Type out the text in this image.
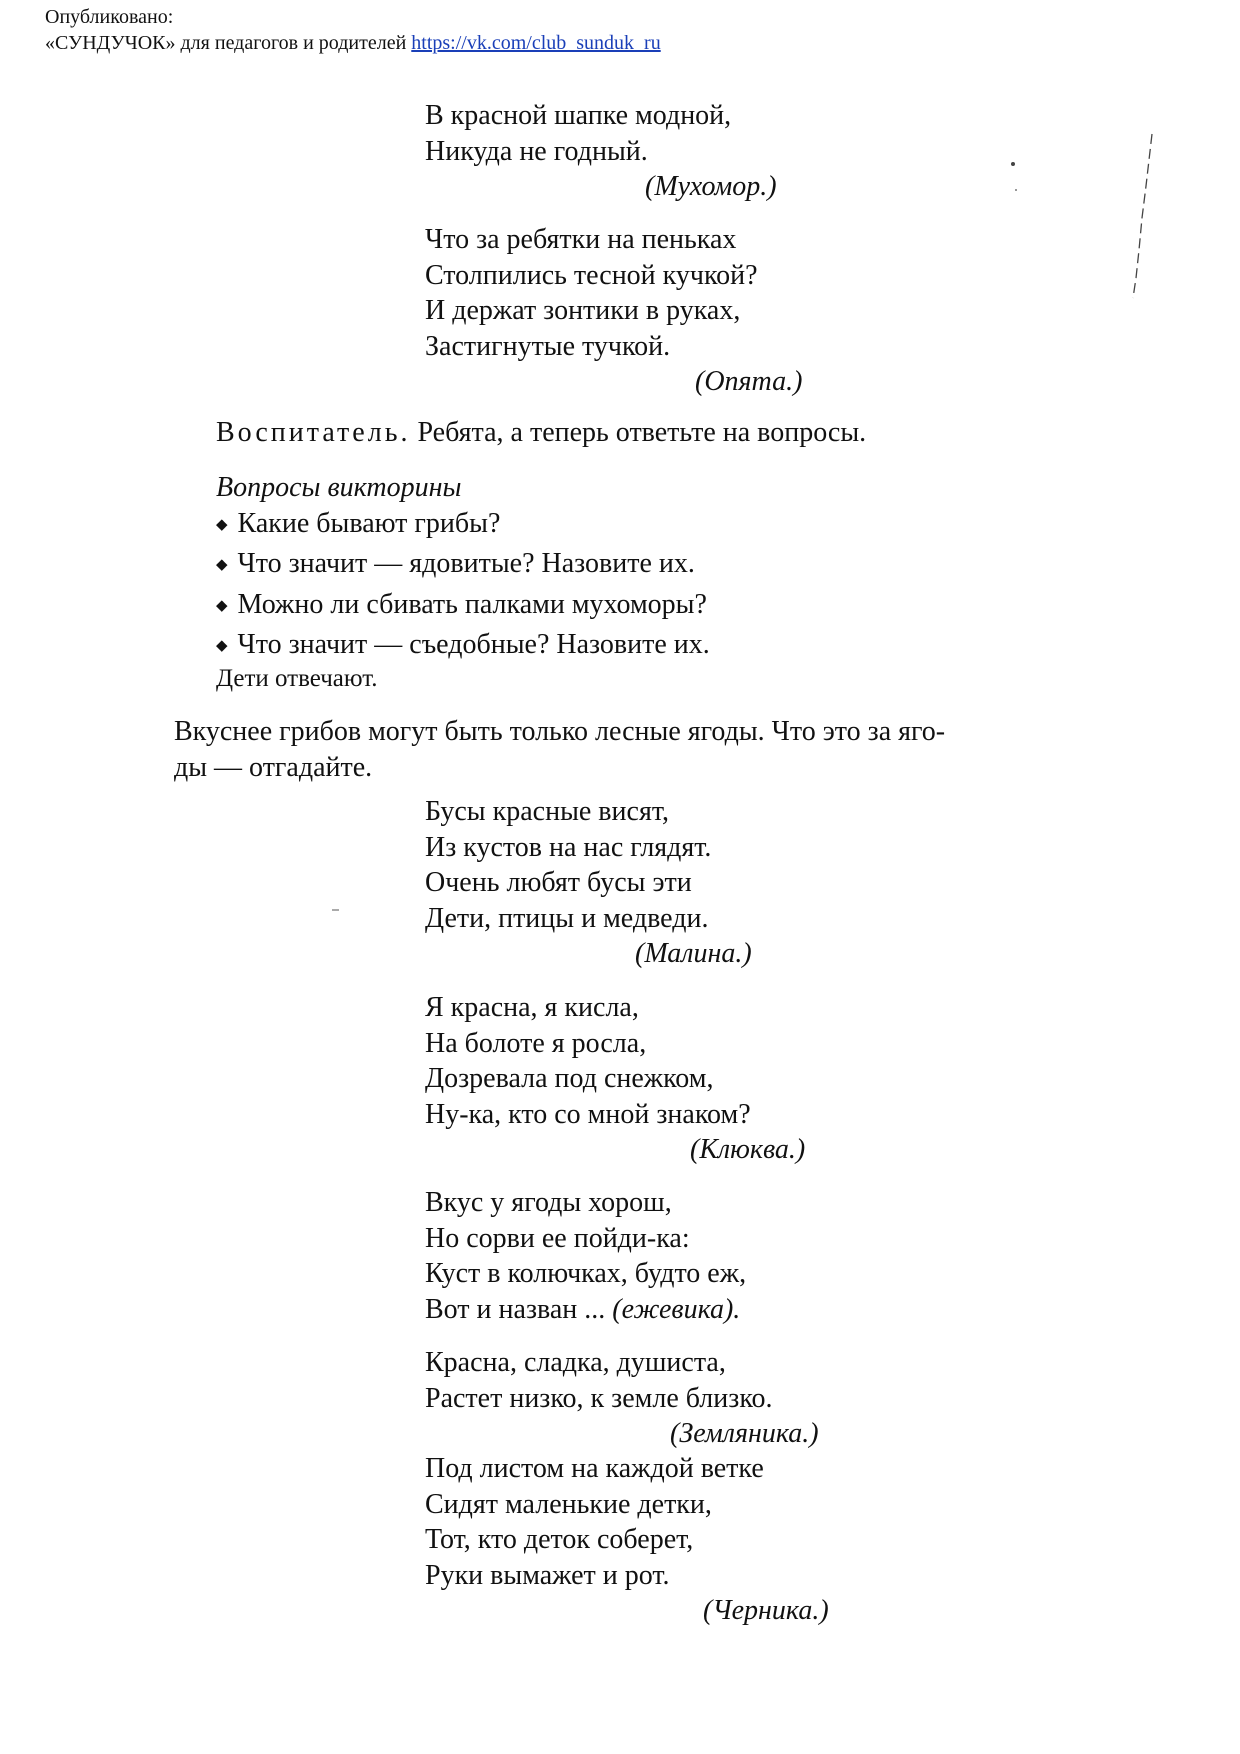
Опубликовано:
«СУНДУЧОК» для педагогов и родителей https://vk.com/club_sunduk_ru
В красной шапке модной,
Никуда не годный.
(Мухомор.)
Что за ребятки на пеньках
Столпились тесной кучкой?
И держат зонтики в руках,
Застигнутые тучкой.
(Опята.)
Воспитатель. Ребята, а теперь ответьте на вопросы.
Вопросы викторины
◆ Какие бывают грибы?
◆ Что значит — ядовитые? Назовите их.
◆ Можно ли сбивать палками мухоморы?
◆ Что значит — съедобные? Назовите их.
Дети отвечают.
Вкуснее грибов могут быть только лесные ягоды. Что это за яго-
ды — отгадайте.
Бусы красные висят,
Из кустов на нас глядят.
Очень любят бусы эти
Дети, птицы и медведи.
(Малина.)
Я красна, я кисла,
На болоте я росла,
Дозревала под снежком,
Ну-ка, кто со мной знаком?
(Клюква.)
Вкус у ягоды хорош,
Но сорви ее пойди-ка:
Куст в колючках, будто еж,
Вот и назван ... (ежевика).
Красна, сладка, душиста,
Растет низко, к земле близко.
(Земляника.)
Под листом на каждой ветке
Сидят маленькие детки,
Тот, кто деток соберет,
Руки вымажет и рот.
(Черника.)
